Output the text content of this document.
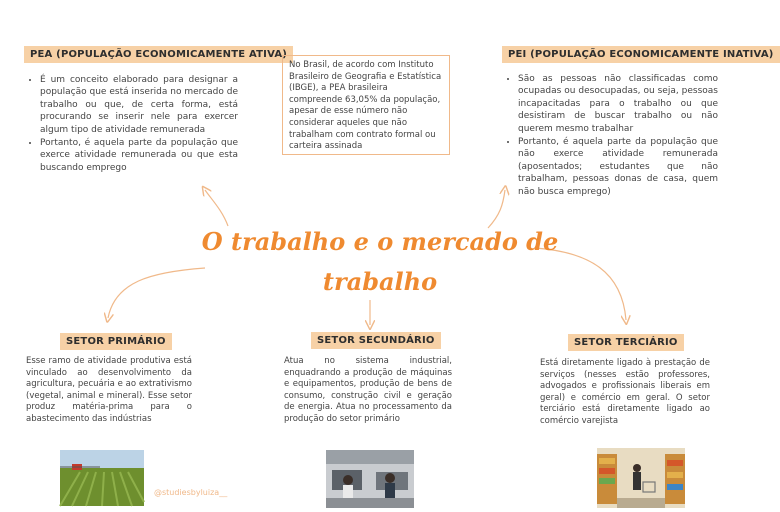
PEA (POPULAÇÃO ECONOMICAMENTE ATIVA)
• É um conceito elaborado para designar a população que está inserida no mercado de trabalho ou que, de certa forma, está procurando se inserir nele para exercer algum tipo de atividade remunerada
• Portanto, é aquela parte da população que exerce atividade remunerada ou que esta buscando emprego
No Brasil, de acordo com Instituto Brasileiro de Geografia e Estatística (IBGE), a PEA brasileira compreende 63,05% da população, apesar de esse número não considerar aqueles que não trabalham com contrato formal ou carteira assinada
PEI (POPULAÇÃO ECONOMICAMENTE INATIVA)
• São as pessoas não classificadas como ocupadas ou desocupadas, ou seja, pessoas incapacitadas para o trabalho ou que desistiram de buscar trabalho ou não querem mesmo trabalhar
• Portanto, é aquela parte da população que não exerce atividade remunerada (aposentados; estudantes que não trabalham, pessoas donas de casa, quem não busca emprego)
O trabalho e o mercado de trabalho
SETOR PRIMÁRIO
Esse ramo de atividade produtiva está vinculado ao desenvolvimento da agricultura, pecuária e ao extrativismo (vegetal, animal e mineral). Esse setor produz matéria-prima para o abastecimento das indústrias
SETOR SECUNDÁRIO
Atua no sistema industrial, enquadrando a produção de máquinas e equipamentos, produção de bens de consumo, construção civil e geração de energia. Atua no processamento da produção do setor primário
SETOR TERCIÁRIO
Está diretamente ligado à prestação de serviços (nesses estão professores, advogados e profissionais liberais em geral) e comércio em geral. O setor terciário está diretamente ligado ao comércio varejista
@studiesbyluiza__
